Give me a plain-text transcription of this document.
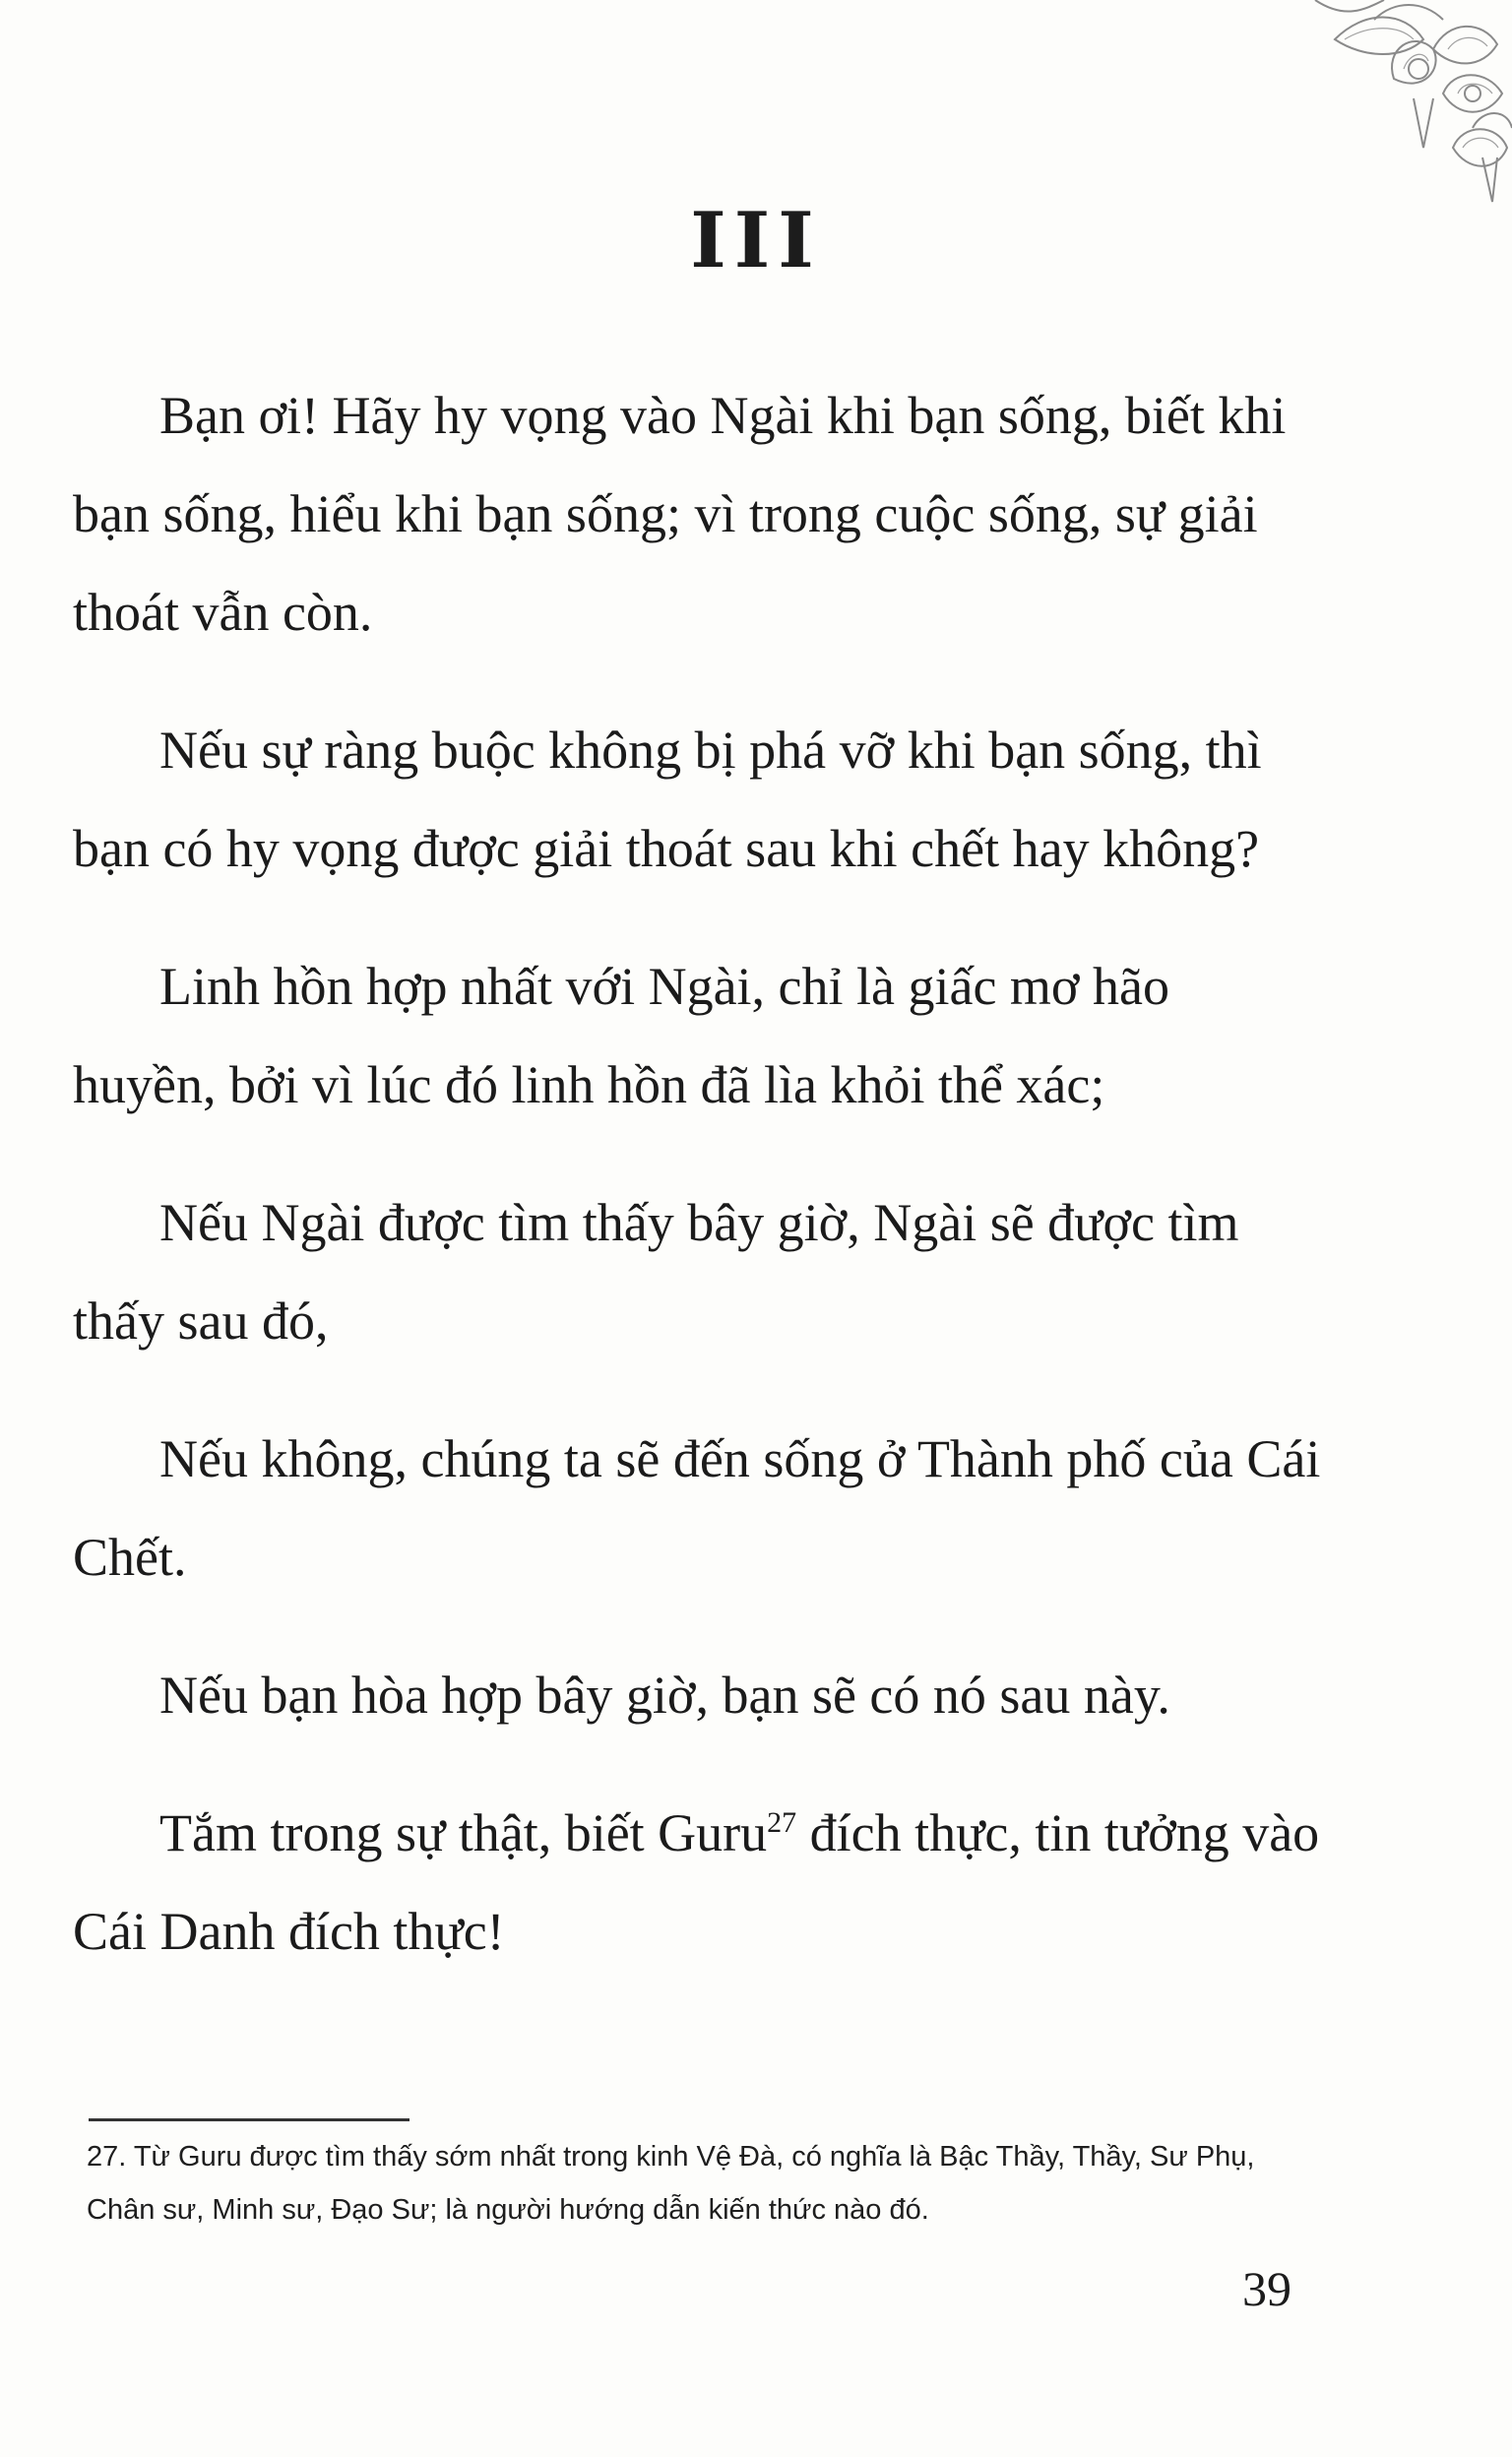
III

Bạn ơi! Hãy hy vọng vào Ngài khi bạn sống, biết khi bạn sống, hiểu khi bạn sống; vì trong cuộc sống, sự giải thoát vẫn còn.

Nếu sự ràng buộc không bị phá vỡ khi bạn sống, thì bạn có hy vọng được giải thoát sau khi chết hay không?

Linh hồn hợp nhất với Ngài, chỉ là giấc mơ hão huyền, bởi vì lúc đó linh hồn đã lìa khỏi thể xác;

Nếu Ngài được tìm thấy bây giờ, Ngài sẽ được tìm thấy sau đó,

Nếu không, chúng ta sẽ đến sống ở Thành phố của Cái Chết.

Nếu bạn hòa hợp bây giờ, bạn sẽ có nó sau này.

Tắm trong sự thật, biết Guru$^{27}$ đích thực, tin tưởng vào Cái Danh đích thực!

27. Từ Guru được tìm thấy sớm nhất trong kinh Vệ Đà, có nghĩa là Bậc Thầy, Thầy, Sư Phụ, Chân sư, Minh sư, Đạo Sư; là người hướng dẫn kiến thức nào đó.
39
